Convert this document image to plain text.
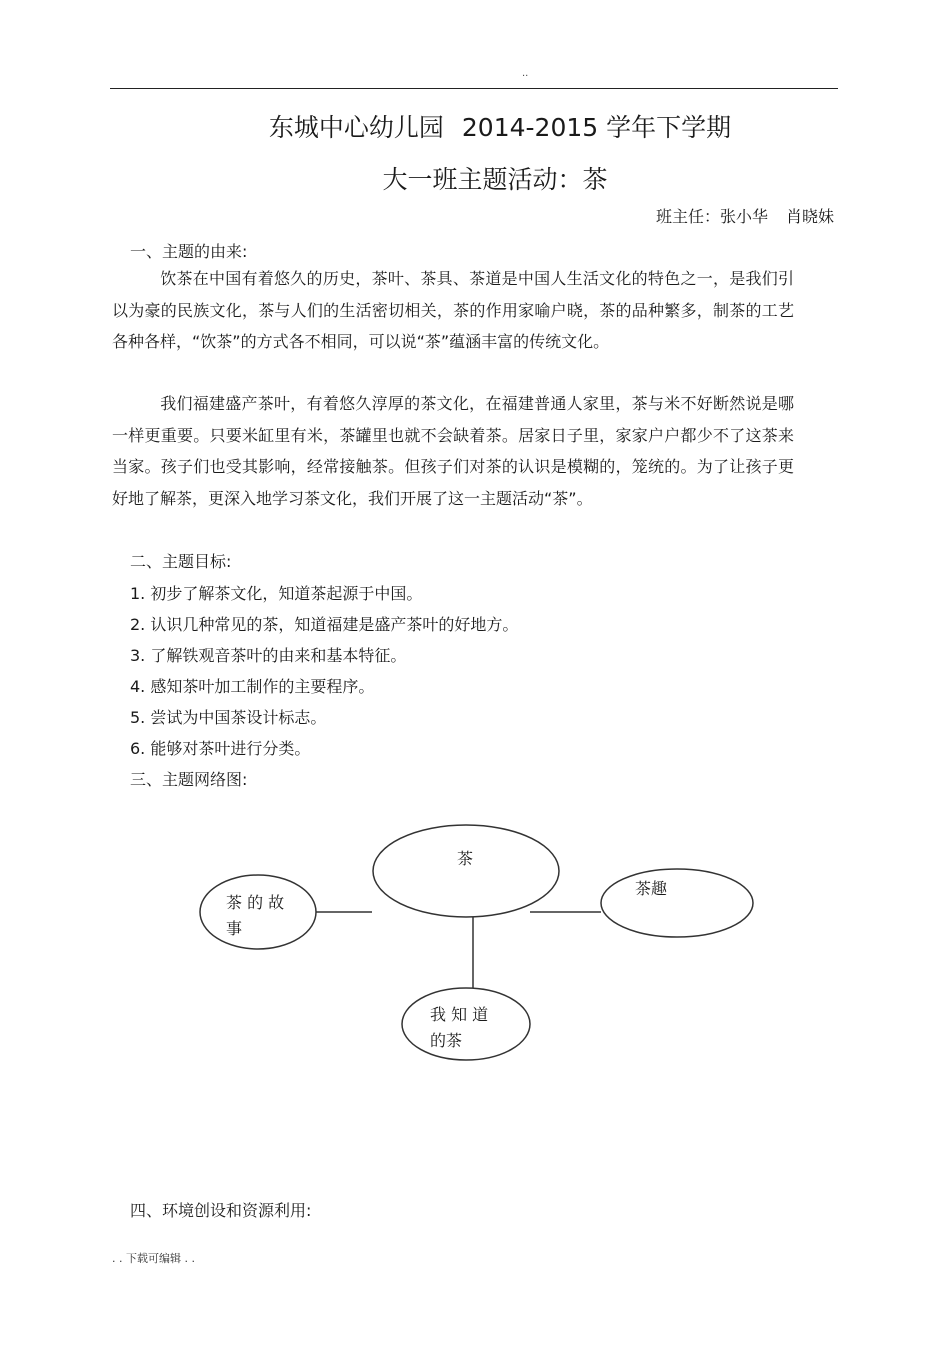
..
东城中心幼儿园 2014-2015 学年下学期
大一班主题活动：茶
班主任：张小华 肖晓妹
一、主题的由来:
饮茶在中国有着悠久的历史，茶叶、茶具、茶道是中国人生活文化的特色之一，是我们引以为豪的民族文化，茶与人们的生活密切相关，茶的作用家喻户晓，茶的品种繁多，制茶的工艺各种各样，“饮茶”的方式各不相同，可以说“茶”蕴涵丰富的传统文化。
我们福建盛产茶叶，有着悠久淳厚的茶文化，在福建普通人家里，茶与米不好断然说是哪一样更重要。只要米缸里有米，茶罐里也就不会缺着茶。居家日子里，家家户户都少不了这茶来当家。孩子们也受其影响，经常接触茶。但孩子们对茶的认识是模糊的，笼统的。为了让孩子更好地了解茶，更深入地学习茶文化，我们开展了这一主题活动“茶”。
二、主题目标:
1. 初步了解茶文化，知道茶起源于中国。
2. 认识几种常见的茶，知道福建是盛产茶叶的好地方。
3. 了解铁观音茶叶的由来和基本特征。
4. 感知茶叶加工制作的主要程序。
5. 尝试为中国茶设计标志。
6. 能够对茶叶进行分类。
三、主题网络图:
茶
茶 的 故
事
茶趣
我 知 道
的茶
四、环境创设和资源利用:
. . 下载可编辑 . .
